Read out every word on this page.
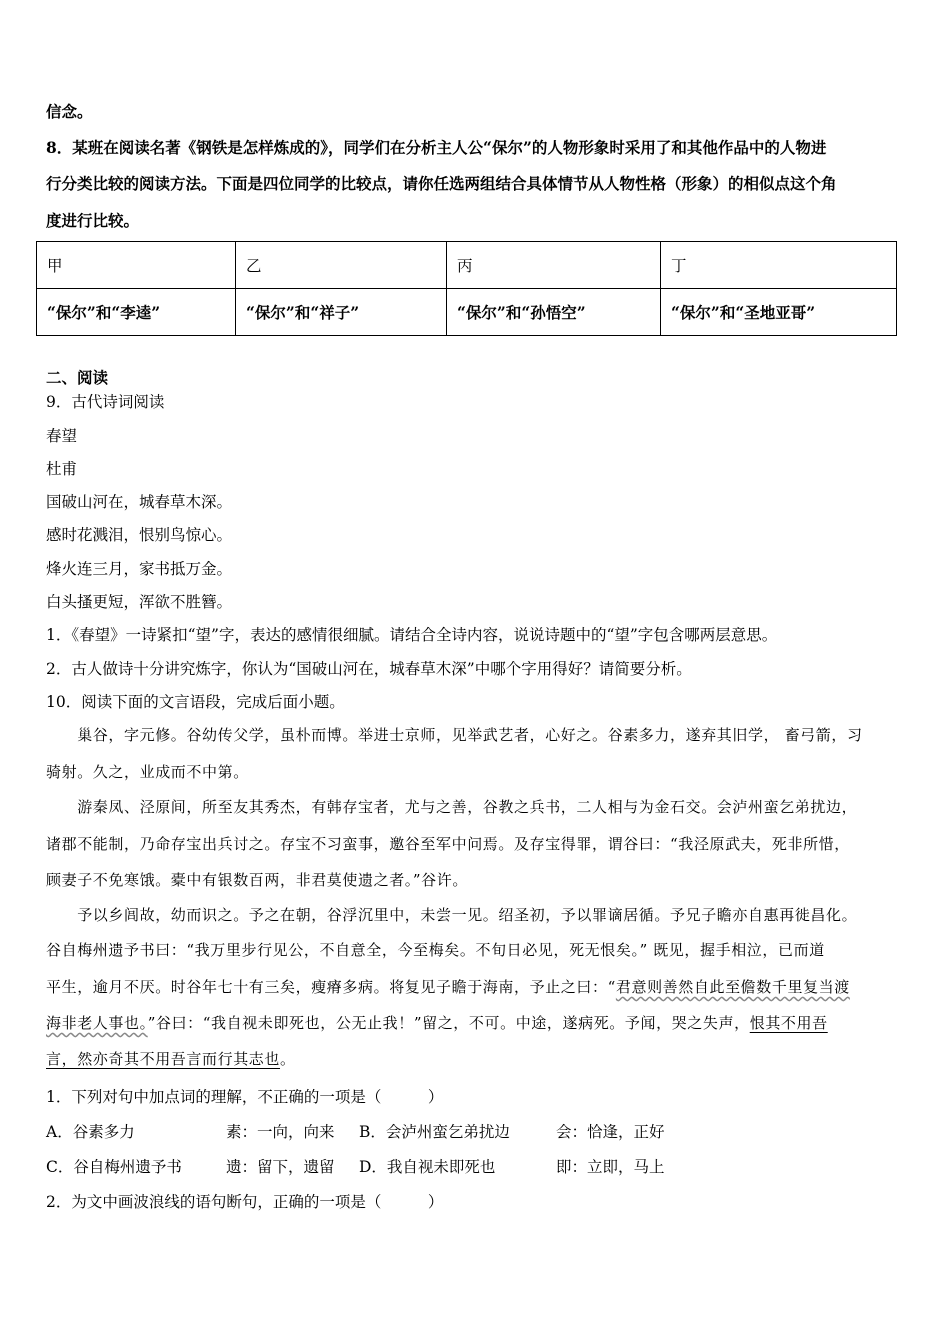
信念。
8．某班在阅读名著《钢铁是怎样炼成的》，同学们在分析主人公“保尔”的人物形象时采用了和其他作品中的人物进
行分类比较的阅读方法。下面是四位同学的比较点，请你任选两组结合具体情节从人物性格（形象）的相似点这个角
度进行比较。
甲	乙	丙	丁
“保尔”和“李逵”	“保尔”和“祥子”	“保尔”和“孙悟空”	“保尔”和“圣地亚哥”
二、阅读
9．古代诗词阅读
春望
杜甫
国破山河在，城春草木深。
感时花溅泪，恨别鸟惊心。
烽火连三月，家书抵万金。
白头搔更短，浑欲不胜簪。
1．《春望》一诗紧扣“望”字，表达的感情很细腻。请结合全诗内容，说说诗题中的“望”字包含哪两层意思。
2．古人做诗十分讲究炼字，你认为“国破山河在，城春草木深”中哪个字用得好？请简要分析。
10．阅读下面的文言语段，完成后面小题。
　　巢谷，字元修。谷幼传父学，虽朴而博。举进士京师，见举武艺者，心好之。谷素多力，遂弃其旧学， 畜弓箭，习
骑射。久之，业成而不中第。
　　游秦凤、泾原间，所至友其秀杰，有韩存宝者，尤与之善，谷教之兵书，二人相与为金石交。会泸州蛮乞弟扰边，
诸郡不能制，乃命存宝出兵讨之。存宝不习蛮事，邀谷至军中问焉。及存宝得罪，谓谷曰：“我泾原武夫，死非所惜，
顾妻子不免寒饿。橐中有银数百两，非君莫使遗之者。”谷许。
　　予以乡闾故，幼而识之。予之在朝，谷浮沉里中，未尝一见。绍圣初，予以罪谪居循。予兄子瞻亦自惠再徙昌化。
谷自梅州遗予书曰：“我万里步行见公，不自意全，今至梅矣。不旬日必见，死无恨矣。” 既见，握手相泣，已而道
平生，逾月不厌。时谷年七十有三矣，瘦瘠多病。将复见子瞻于海南，予止之曰：“君意则善然自此至儋数千里复当渡
海非老人事也。”谷曰：“我自视未即死也，公无止我！”留之，不可。中途，遂病死。予闻，哭之失声，恨其不用吾
言，然亦奇其不用吾言而行其志也。
1．下列对句中加点词的理解，不正确的一项是（　　　）
A．谷素多力	素：一向，向来 B．会泸州蛮乞弟扰边	会：恰逢，正好
C．谷自梅州遗予书	遗：留下，遗留 D．我自视未即死也	即：立即，马上
2．为文中画波浪线的语句断句，正确的一项是（　　　）
